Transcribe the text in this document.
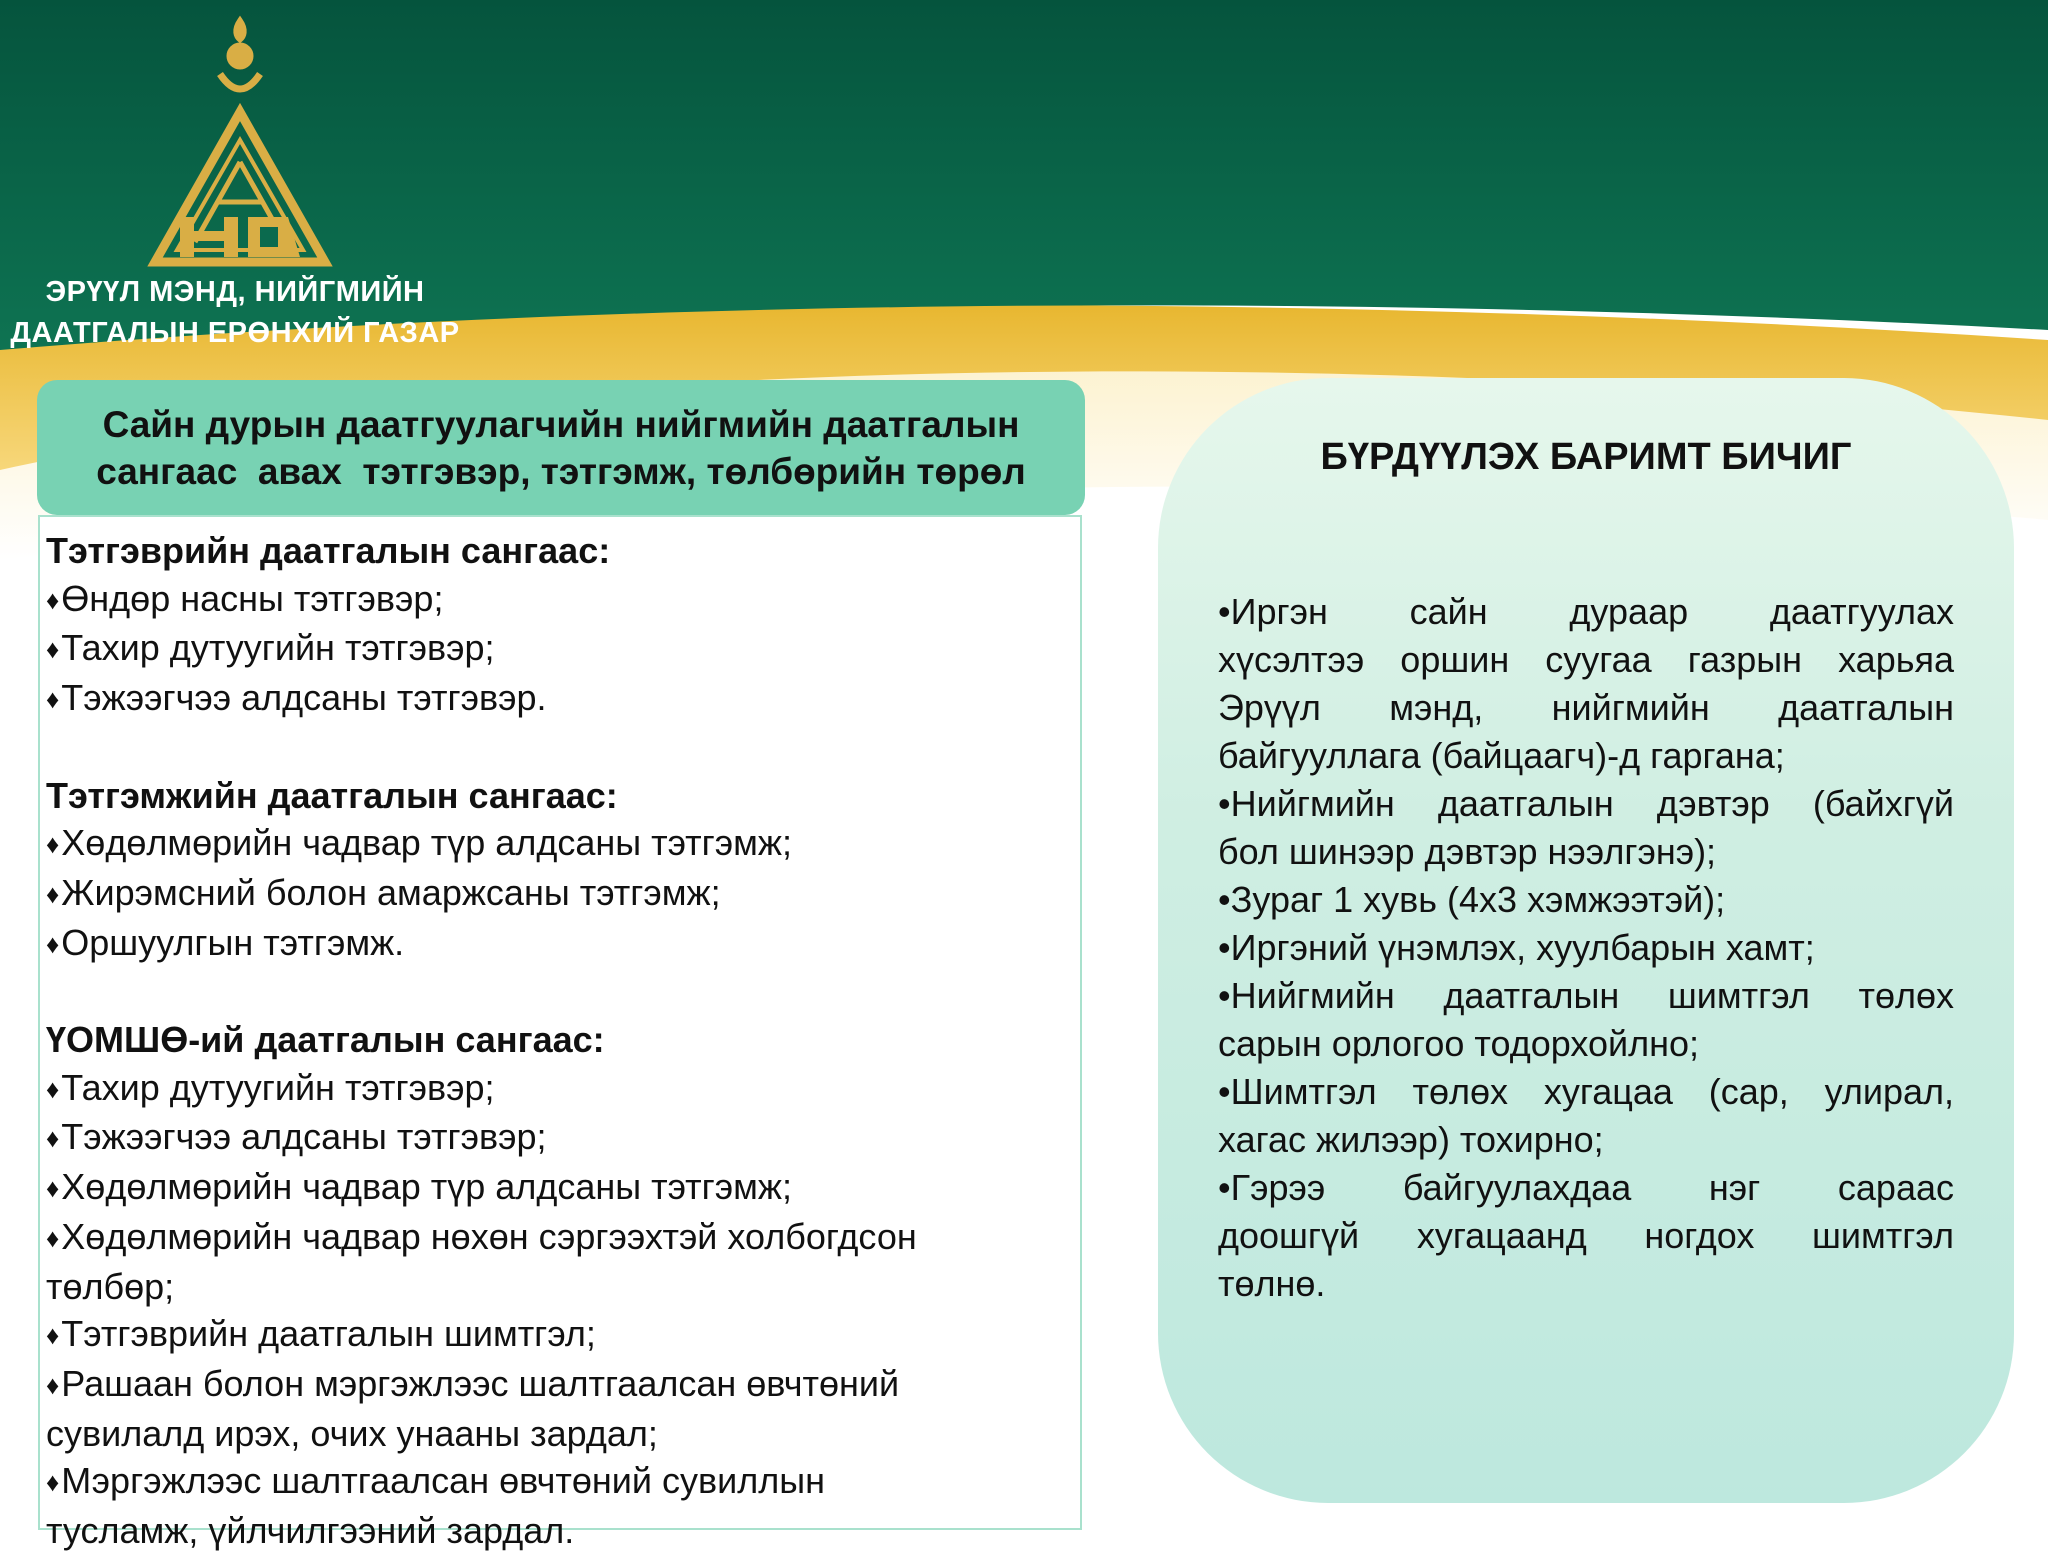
ЭРҮҮЛ МЭНД, НИЙГМИЙН
ДААТГАЛЫН ЕРӨНХИЙ ГАЗАР
Сайн дурын даатгуулагчийн нийгмийн даатгалын
сангаас  авах  тэтгэвэр, тэтгэмж, төлбөрийн төрөл
Тэтгэврийн даатгалын сангаас:
♦Өндөр насны тэтгэвэр;
♦Тахир дутуугийн тэтгэвэр;
♦Тэжээгчээ алдсаны тэтгэвэр.
Тэтгэмжийн даатгалын сангаас:
♦Хөдөлмөрийн чадвар түр алдсаны тэтгэмж;
♦Жирэмсний болон амаржсаны тэтгэмж;
♦Оршуулгын тэтгэмж.
ҮОМШӨ-ий даатгалын сангаас:
♦Тахир дутуугийн тэтгэвэр;
♦Тэжээгчээ алдсаны тэтгэвэр;
♦Хөдөлмөрийн чадвар түр алдсаны тэтгэмж;
♦Хөдөлмөрийн чадвар нөхөн сэргээхтэй холбогдсон
төлбөр;
♦Тэтгэврийн даатгалын шимтгэл;
♦Рашаан болон мэргэжлээс шалтгаалсан өвчтөний
сувилалд ирэх, очих унааны зардал;
♦Мэргэжлээс шалтгаалсан өвчтөний сувиллын
тусламж, үйлчилгээний зардал.
БҮРДҮҮЛЭХ БАРИМТ БИЧИГ
•Иргэн сайн дураар даатгуулах
хүсэлтээ оршин суугаа газрын харьяа
Эрүүл мэнд, нийгмийн даатгалын
байгууллага (байцаагч)-д гаргана;
•Нийгмийн даатгалын дэвтэр (байхгүй
бол шинээр дэвтэр нээлгэнэ);
•Зураг 1 хувь (4х3 хэмжээтэй);
•Иргэний үнэмлэх, хуулбарын хамт;
•Нийгмийн даатгалын шимтгэл төлөх
сарын орлогоо тодорхойлно;
•Шимтгэл төлөх хугацаа (сар, улирал,
хагас жилээр) тохирно;
•Гэрээ байгуулахдаа нэг сараас
доошгүй хугацаанд ногдох шимтгэл
төлнө.
